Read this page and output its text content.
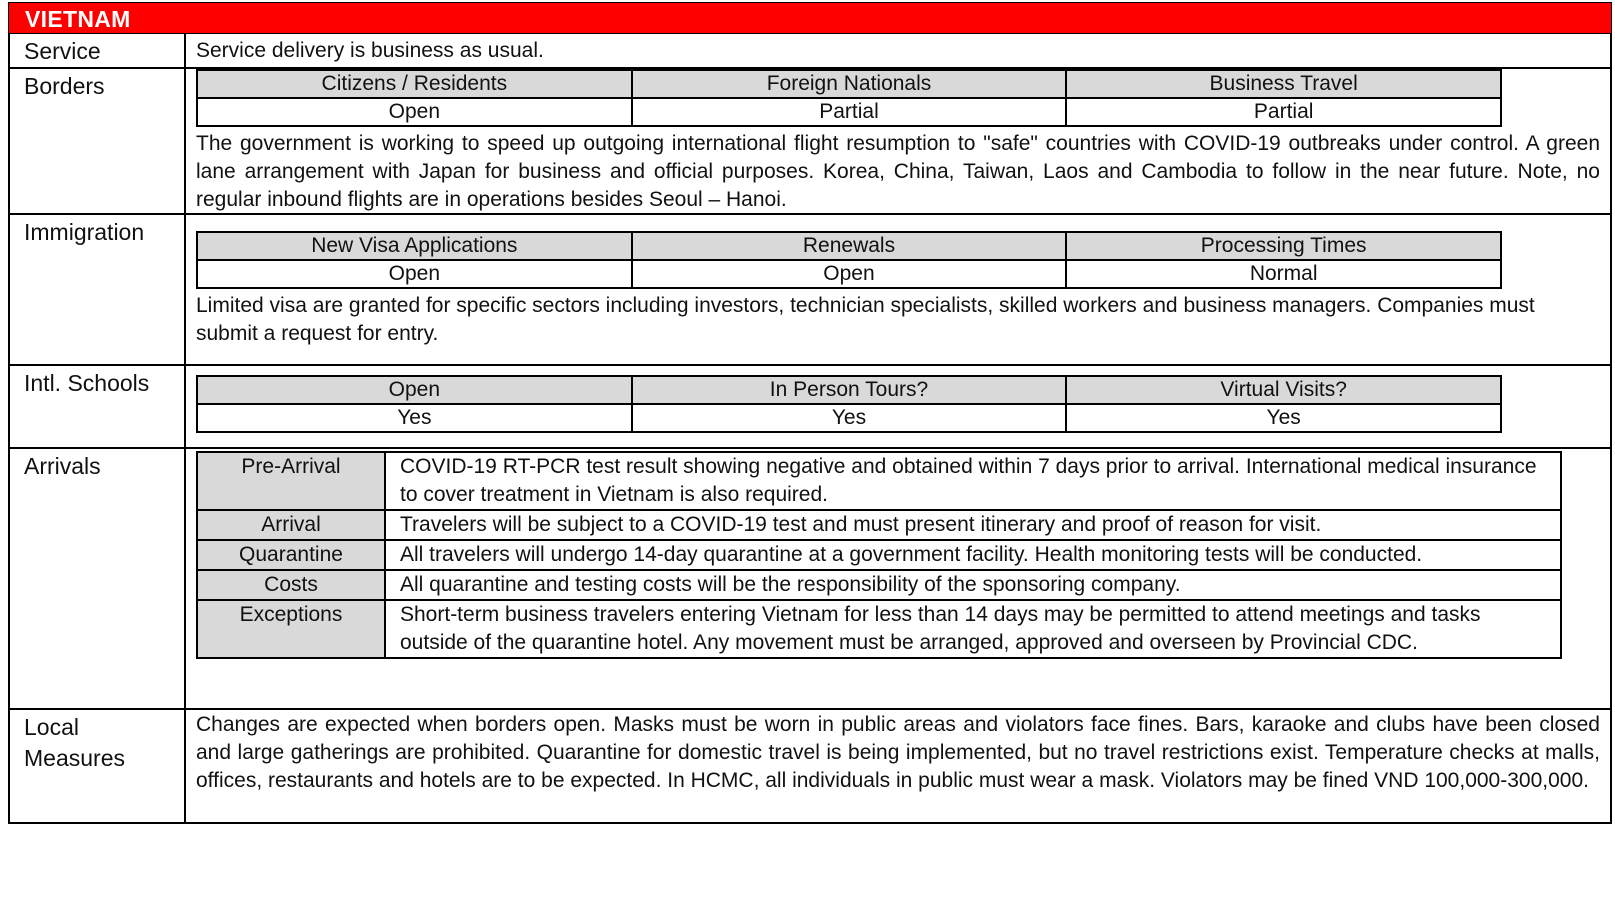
VIETNAM
Service	Service delivery is business as usual.
Borders	Citizens / Residents	Foreign Nationals	Business Travel
Open	Partial	Partial
The government is working to speed up outgoing international flight resumption to "safe" countries with COVID-19 outbreaks under control. A green lane arrangement with Japan for business and official purposes. Korea, China, Taiwan, Laos and Cambodia to follow in the near future. Note, no regular inbound flights are in operations besides Seoul – Hanoi.
Immigration
New Visa Applications	Renewals	Processing Times
Open	Open	Normal
Limited visa are granted for specific sectors including investors, technician specialists, skilled workers and business managers. Companies must submit a request for entry.
Intl. Schools	Open	In Person Tours?	Virtual Visits?
Yes	Yes	Yes
Arrivals	Pre-Arrival	COVID-19 RT-PCR test result showing negative and obtained within 7 days prior to arrival. International medical insurance to cover treatment in Vietnam is also required.
Arrival	Travelers will be subject to a COVID-19 test and must present itinerary and proof of reason for visit.
Quarantine	All travelers will undergo 14-day quarantine at a government facility. Health monitoring tests will be conducted.
Costs	All quarantine and testing costs will be the responsibility of the sponsoring company.
Exceptions	Short-term business travelers entering Vietnam for less than 14 days may be permitted to attend meetings and tasks outside of the quarantine hotel. Any movement must be arranged, approved and overseen by Provincial CDC.
Local Measures
Changes are expected when borders open. Masks must be worn in public areas and violators face fines. Bars, karaoke and clubs have been closed and large gatherings are prohibited. Quarantine for domestic travel is being implemented, but no travel restrictions exist. Temperature checks at malls, offices, restaurants and hotels are to be expected. In HCMC, all individuals in public must wear a mask. Violators may be fined VND 100,000-300,000.
